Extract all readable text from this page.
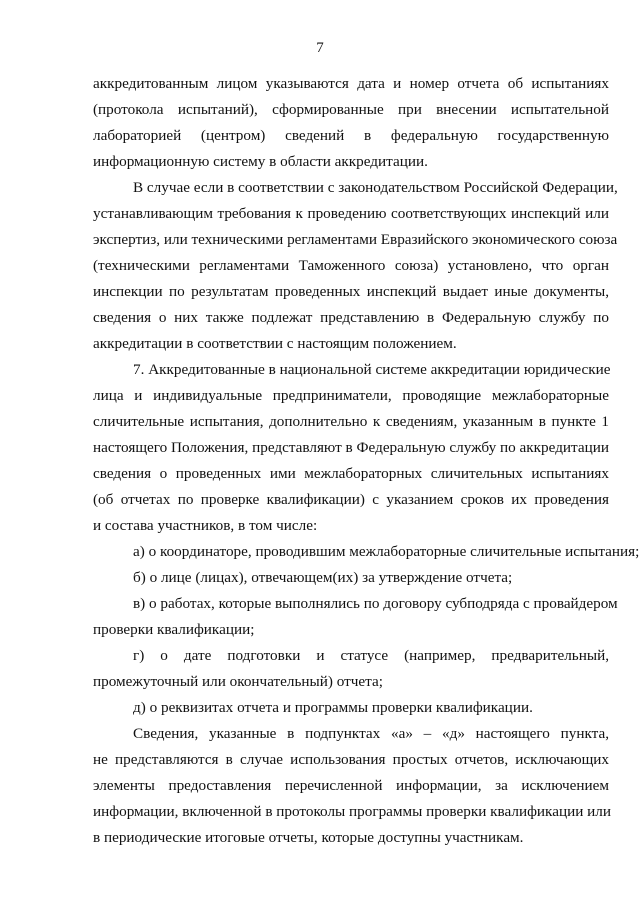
7
аккредитованным лицом указываются дата и номер отчета об испытаниях
(протокола испытаний), сформированные при внесении испытательной
лабораторией (центром) сведений в федеральную государственную
информационную систему в области аккредитации.
В случае если в соответствии с законодательством Российской Федерации,
устанавливающим требования к проведению соответствующих инспекций или
экспертиз, или техническими регламентами Евразийского экономического союза
(техническими регламентами Таможенного союза) установлено, что орган
инспекции по результатам проведенных инспекций выдает иные документы,
сведения о них также подлежат представлению в Федеральную службу по
аккредитации в соответствии с настоящим положением.
7. Аккредитованные в национальной системе аккредитации юридические
лица и индивидуальные предприниматели, проводящие межлабораторные
сличительные испытания, дополнительно к сведениям, указанным в пункте 1
настоящего Положения, представляют в Федеральную службу по аккредитации
сведения о проведенных ими межлабораторных сличительных испытаниях
(об отчетах по проверке квалификации) с указанием сроков их проведения
и состава участников, в том числе:
а) о координаторе, проводившим межлабораторные сличительные испытания;
б) о лице (лицах), отвечающем(их) за утверждение отчета;
в) о работах, которые выполнялись по договору субподряда с провайдером
проверки квалификации;
г) о дате подготовки и статусе (например, предварительный,
промежуточный или окончательный) отчета;
д) о реквизитах отчета и программы проверки квалификации.
Сведения, указанные в подпунктах «а» – «д» настоящего пункта,
не представляются в случае использования простых отчетов, исключающих
элементы предоставления перечисленной информации, за исключением
информации, включенной в протоколы программы проверки квалификации или
в периодические итоговые отчеты, которые доступны участникам.
